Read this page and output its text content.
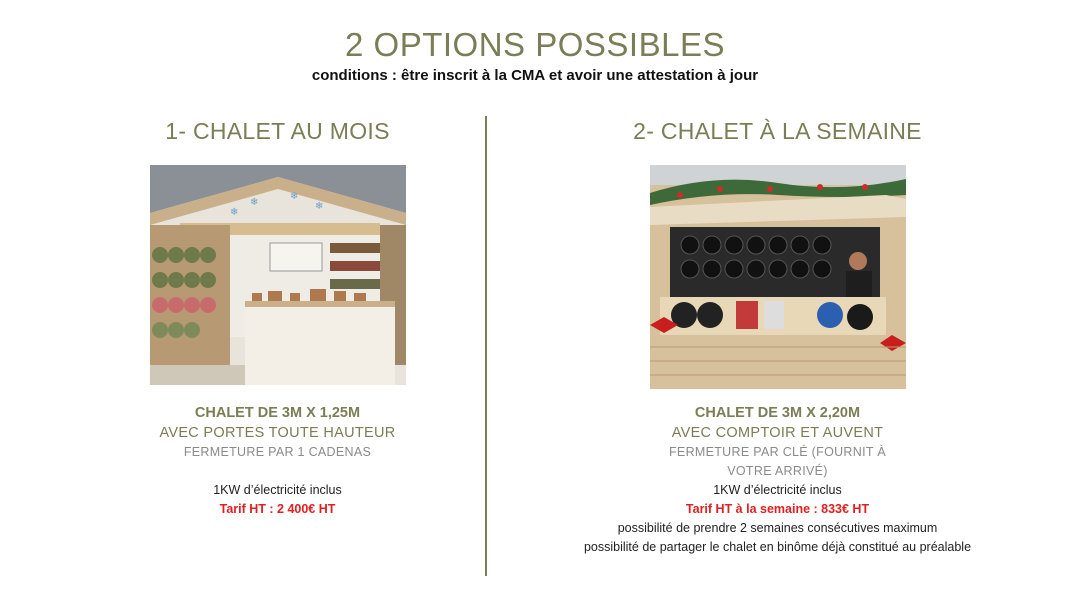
2 OPTIONS POSSIBLES
conditions : être inscrit à la CMA et avoir une attestation à jour
1- CHALET AU MOIS
❄
❄
❄
❄
CHALET DE 3M X 1,25M
AVEC PORTES TOUTE HAUTEUR
FERMETURE PAR 1 CADENAS
1KW d’électricité inclus
Tarif HT : 2 400€ HT
2- CHALET À LA SEMAINE
CHALET DE 3M X 2,20M
AVEC COMPTOIR ET AUVENT
FERMETURE PAR CLÉ (FOURNIT À
VOTRE ARRIVÉ)
1KW d’électricité inclus
Tarif HT à la semaine : 833€ HT
possibilité de prendre 2 semaines consécutives maximum
possibilité de partager le chalet en binôme déjà constitué au préalable
